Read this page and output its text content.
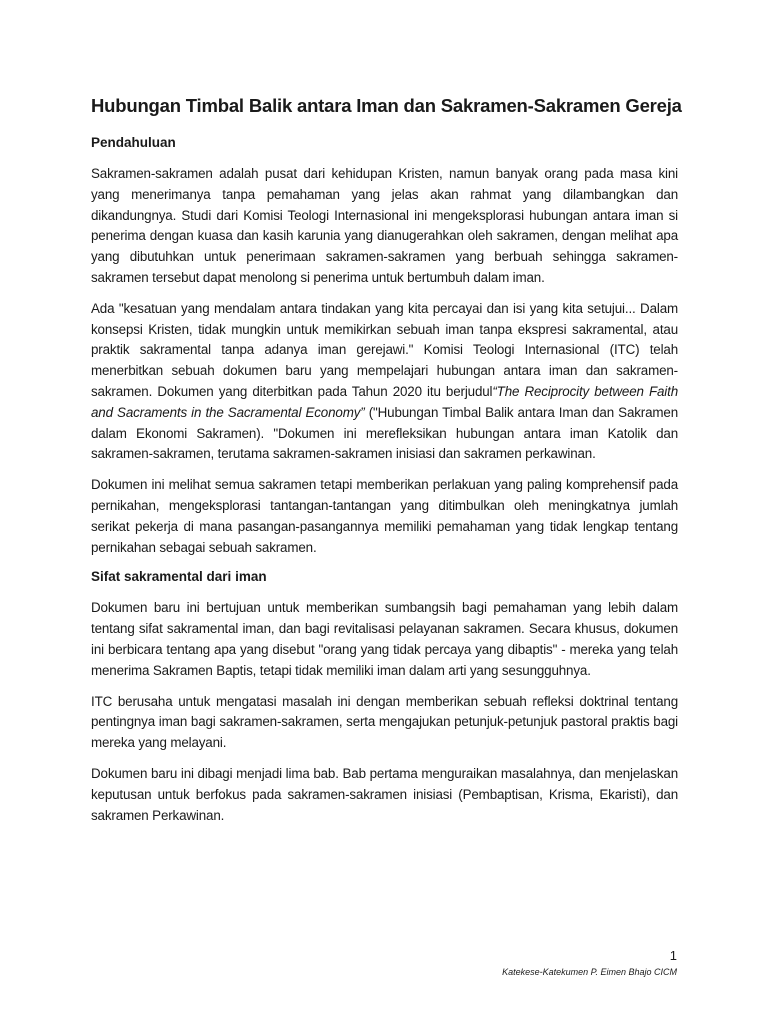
Hubungan Timbal Balik antara Iman dan Sakramen-Sakramen Gereja
Pendahuluan

Sakramen-sakramen adalah pusat dari kehidupan Kristen, namun banyak orang pada masa kini yang menerimanya tanpa pemahaman yang jelas akan rahmat yang dilambangkan dan dikandungnya. Studi dari Komisi Teologi Internasional ini mengeksplorasi hubungan antara iman si penerima dengan kuasa dan kasih karunia yang dianugerahkan oleh sakramen, dengan melihat apa yang dibutuhkan untuk penerimaan sakramen-sakramen yang berbuah sehingga sakramen-sakramen tersebut dapat menolong si penerima untuk bertumbuh dalam iman.

Ada "kesatuan yang mendalam antara tindakan yang kita percayai dan isi yang kita setujui... Dalam konsepsi Kristen, tidak mungkin untuk memikirkan sebuah iman tanpa ekspresi sakramental, atau praktik sakramental tanpa adanya iman gerejawi." Komisi Teologi Internasional (ITC) telah menerbitkan sebuah dokumen baru yang mempelajari hubungan antara iman dan sakramen-sakramen. Dokumen yang diterbitkan pada Tahun 2020 itu berjudul“The Reciprocity between Faith and Sacraments in the Sacramental Economy” ("Hubungan Timbal Balik antara Iman dan Sakramen dalam Ekonomi Sakramen). "Dokumen ini merefleksikan hubungan antara iman Katolik dan sakramen-sakramen, terutama sakramen-sakramen inisiasi dan sakramen perkawinan.

Dokumen ini melihat semua sakramen tetapi memberikan perlakuan yang paling komprehensif pada pernikahan, mengeksplorasi tantangan-tantangan yang ditimbulkan oleh meningkatnya jumlah serikat pekerja di mana pasangan-pasangannya memiliki pemahaman yang tidak lengkap tentang pernikahan sebagai sebuah sakramen.

Sifat sakramental dari iman

Dokumen baru ini bertujuan untuk memberikan sumbangsih bagi pemahaman yang lebih dalam tentang sifat sakramental iman, dan bagi revitalisasi pelayanan sakramen. Secara khusus, dokumen ini berbicara tentang apa yang disebut "orang yang tidak percaya yang dibaptis" - mereka yang telah menerima Sakramen Baptis, tetapi tidak memiliki iman dalam arti yang sesungguhnya.

ITC berusaha untuk mengatasi masalah ini dengan memberikan sebuah refleksi doktrinal tentang pentingnya iman bagi sakramen-sakramen, serta mengajukan petunjuk-petunjuk pastoral praktis bagi mereka yang melayani.

Dokumen baru ini dibagi menjadi lima bab. Bab pertama menguraikan masalahnya, dan menjelaskan keputusan untuk berfokus pada sakramen-sakramen inisiasi (Pembaptisan, Krisma, Ekaristi), dan sakramen Perkawinan.

1
Katekese-Katekumen P. Eimen Bhajo CICM
